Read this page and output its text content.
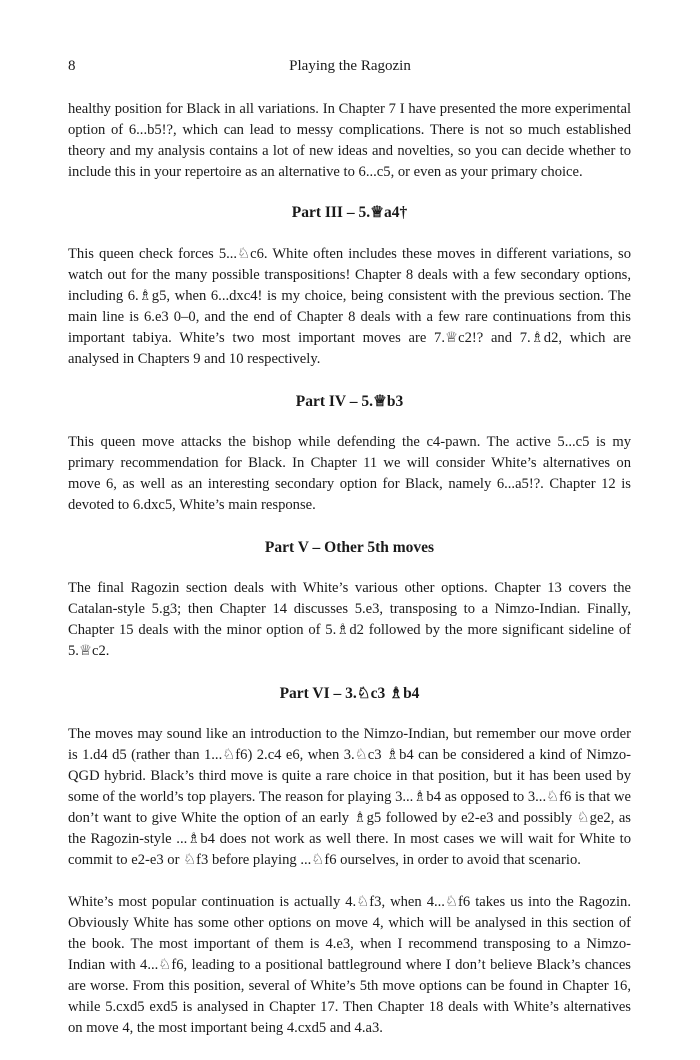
8	Playing the Ragozin

healthy position for Black in all variations. In Chapter 7 I have presented the more experimental option of 6...b5!?, which can lead to messy complications. There is not so much established theory and my analysis contains a lot of new ideas and novelties, so you can decide whether to include this in your repertoire as an alternative to 6...c5, or even as your primary choice.

Part III – 5.♕a4†

This queen check forces 5...♘c6. White often includes these moves in different variations, so watch out for the many possible transpositions! Chapter 8 deals with a few secondary options, including 6.♗g5, when 6...dxc4! is my choice, being consistent with the previous section. The main line is 6.e3 0–0, and the end of Chapter 8 deals with a few rare continuations from this important tabiya. White’s two most important moves are 7.♕c2!? and 7.♗d2, which are analysed in Chapters 9 and 10 respectively.

Part IV – 5.♕b3

This queen move attacks the bishop while defending the c4-pawn. The active 5...c5 is my primary recommendation for Black. In Chapter 11 we will consider White’s alternatives on move 6, as well as an interesting secondary option for Black, namely 6...a5!?. Chapter 12 is devoted to 6.dxc5, White’s main response.

Part V – Other 5th moves

The final Ragozin section deals with White’s various other options. Chapter 13 covers the Catalan-style 5.g3; then Chapter 14 discusses 5.e3, transposing to a Nimzo-Indian. Finally, Chapter 15 deals with the minor option of 5.♗d2 followed by the more significant sideline of 5.♕c2.

Part VI – 3.♘c3 ♗b4

The moves may sound like an introduction to the Nimzo-Indian, but remember our move order is 1.d4 d5 (rather than 1...♘f6) 2.c4 e6, when 3.♘c3 ♗b4 can be considered a kind of Nimzo-QGD hybrid. Black’s third move is quite a rare choice in that position, but it has been used by some of the world’s top players. The reason for playing 3...♗b4 as opposed to 3...♘f6 is that we don’t want to give White the option of an early ♗g5 followed by e2-e3 and possibly ♘ge2, as the Ragozin-style ...♗b4 does not work as well there. In most cases we will wait for White to commit to e2-e3 or ♘f3 before playing ...♘f6 ourselves, in order to avoid that scenario.

White’s most popular continuation is actually 4.♘f3, when 4...♘f6 takes us into the Ragozin. Obviously White has some other options on move 4, which will be analysed in this section of the book. The most important of them is 4.e3, when I recommend transposing to a Nimzo-Indian with 4...♘f6, leading to a positional battleground where I don’t believe Black’s chances are worse. From this position, several of White’s 5th move options can be found in Chapter 16, while 5.cxd5 exd5 is analysed in Chapter 17. Then Chapter 18 deals with White’s alternatives on move 4, the most important being 4.cxd5 and 4.a3.
